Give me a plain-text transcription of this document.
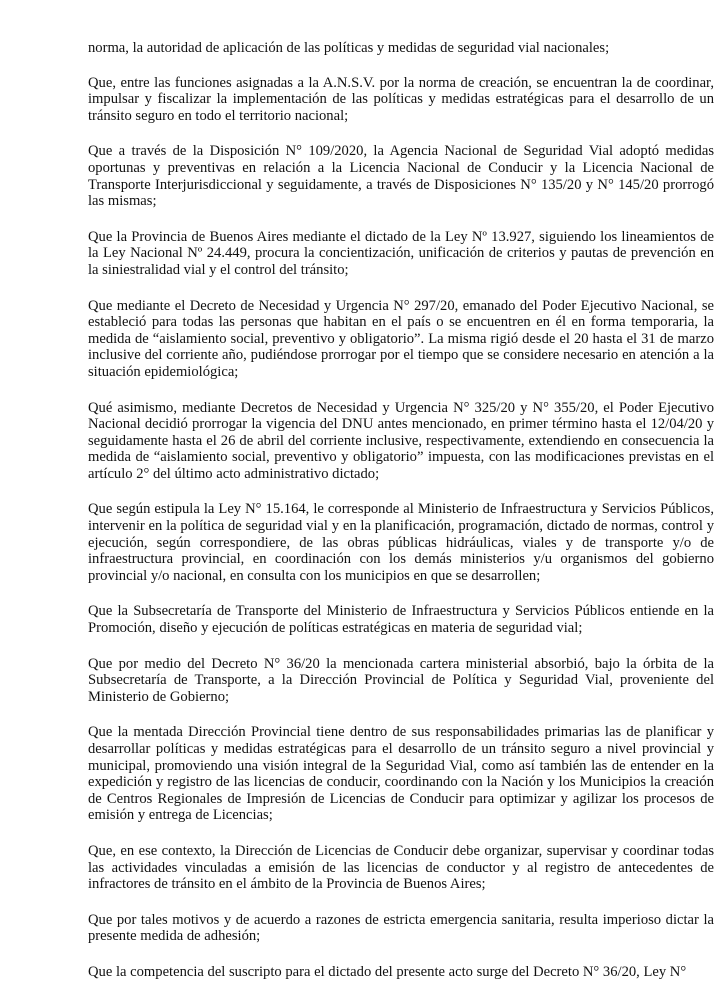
norma, la autoridad de aplicación de las políticas y medidas de seguridad vial nacionales;

Que, entre las funciones asignadas a la A.N.S.V. por la norma de creación, se encuentran la de coordinar, impulsar y fiscalizar la implementación de las políticas y medidas estratégicas para el desarrollo de un tránsito seguro en todo el territorio nacional;

Que a través de la Disposición N° 109/2020, la Agencia Nacional de Seguridad Vial adoptó medidas oportunas y preventivas en relación a la Licencia Nacional de Conducir y la Licencia Nacional de Transporte Interjurisdiccional y seguidamente, a través de Disposiciones N° 135/20 y N° 145/20 prorrogó las mismas;

Que la Provincia de Buenos Aires mediante el dictado de la Ley Nº 13.927, siguiendo los lineamientos de la Ley Nacional Nº 24.449, procura la concientización, unificación de criterios y pautas de prevención en la siniestralidad vial y el control del tránsito;

Que mediante el Decreto de Necesidad y Urgencia N° 297/20, emanado del Poder Ejecutivo Nacional, se estableció para todas las personas que habitan en el país o se encuentren en él en forma temporaria, la medida de “aislamiento social, preventivo y obligatorio”. La misma rigió desde el 20 hasta el 31 de marzo inclusive del corriente año, pudiéndose prorrogar por el tiempo que se considere necesario en atención a la situación epidemiológica;

Qué asimismo, mediante Decretos de Necesidad y Urgencia N° 325/20 y N° 355/20, el Poder Ejecutivo Nacional decidió prorrogar la vigencia del DNU antes mencionado, en primer término hasta el 12/04/20 y seguidamente hasta el 26 de abril del corriente inclusive, respectivamente, extendiendo en consecuencia la medida de “aislamiento social, preventivo y obligatorio” impuesta, con las modificaciones previstas en el artículo 2° del último acto administrativo dictado;

Que según estipula la Ley N° 15.164, le corresponde al Ministerio de Infraestructura y Servicios Públicos, intervenir en la política de seguridad vial y en la planificación, programación, dictado de normas, control y ejecución, según correspondiere, de las obras públicas hidráulicas, viales y de transporte y/o de infraestructura provincial, en coordinación con los demás ministerios y/u organismos del gobierno provincial y/o nacional, en consulta con los municipios en que se desarrollen;

Que la Subsecretaría de Transporte del Ministerio de Infraestructura y Servicios Públicos entiende en la Promoción, diseño y ejecución de políticas estratégicas en materia de seguridad vial;

Que por medio del Decreto N° 36/20 la mencionada cartera ministerial absorbió, bajo la órbita de la Subsecretaría de Transporte, a la Dirección Provincial de Política y Seguridad Vial, proveniente del Ministerio de Gobierno;

Que la mentada Dirección Provincial tiene dentro de sus responsabilidades primarias las de planificar y desarrollar políticas y medidas estratégicas para el desarrollo de un tránsito seguro a nivel provincial y municipal, promoviendo una visión integral de la Seguridad Vial, como así también las de entender en la expedición y registro de las licencias de conducir, coordinando con la Nación y los Municipios la creación de Centros Regionales de Impresión de Licencias de Conducir para optimizar y agilizar los procesos de emisión y entrega de Licencias;

Que, en ese contexto, la Dirección de Licencias de Conducir debe organizar, supervisar y coordinar todas las actividades vinculadas a emisión de las licencias de conductor y al registro de antecedentes de infractores de tránsito en el ámbito de la Provincia de Buenos Aires;

Que por tales motivos y de acuerdo a razones de estricta emergencia sanitaria, resulta imperioso dictar la presente medida de adhesión;

Que la competencia del suscripto para el dictado del presente acto surge del Decreto N° 36/20, Ley N°
